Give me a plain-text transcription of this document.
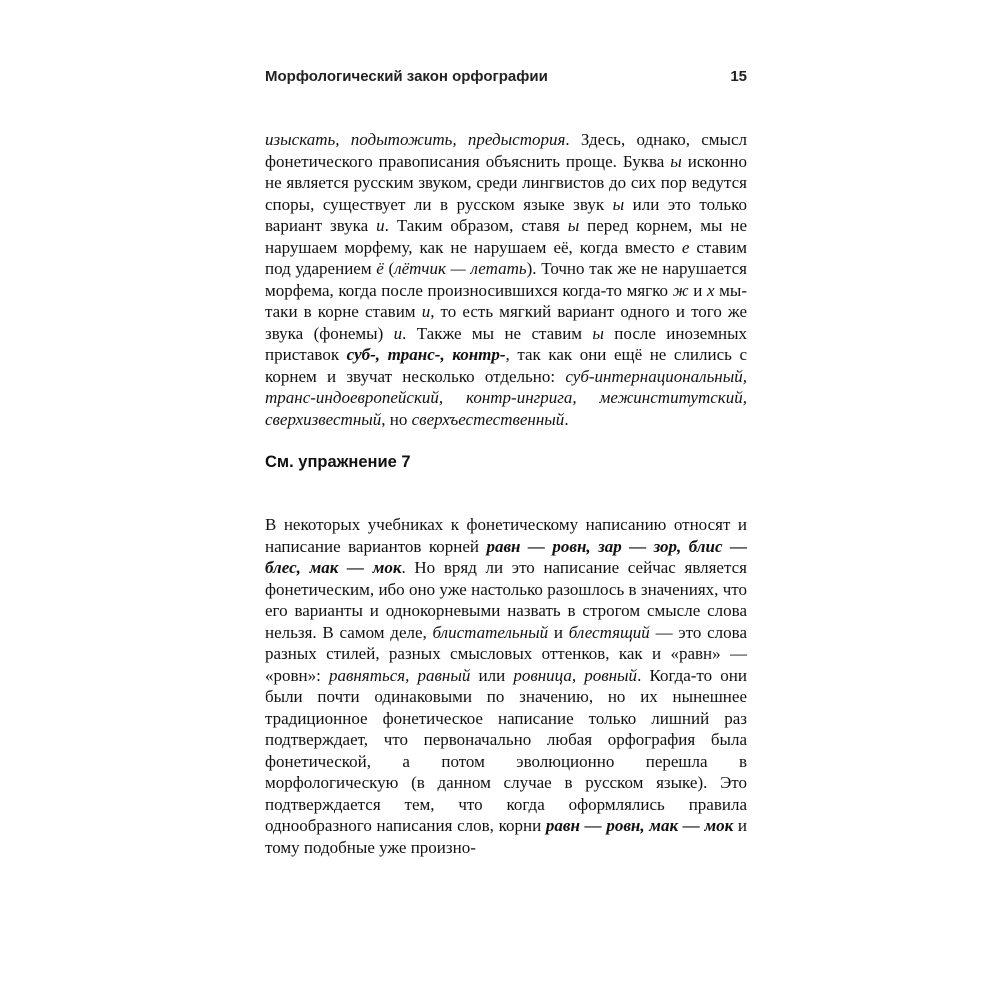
Морфологический закон орфографии	15

изыскать, подытожить, предыстория. Здесь, однако, смысл фонетического правописания объяснить проще. Буква ы исконно не является русским звуком, среди лингвистов до сих пор ведутся споры, существует ли в русском языке звук ы или это только вариант звука и. Таким образом, ставя ы перед корнем, мы не нарушаем морфему, как не нарушаем её, когда вместо е ставим под ударением ё (лётчик — летать). Точно так же не нарушается морфема, когда после произносившихся когда-то мягко ж и х мы-таки в корне ставим и, то есть мягкий вариант одного и того же звука (фонемы) и. Также мы не ставим ы после иноземных приставок суб-, транс-, контр-, так как они ещё не слились с корнем и звучат несколько отдельно: суб-интернациональный, транс-индоевропейский, контр-ингрига, межинститутский, сверхизвестный, но сверхъестественный.

См. упражнение 7

В некоторых учебниках к фонетическому написанию относят и написание вариантов корней равн — ровн, зар — зор, блис — блес, мак — мок. Но вряд ли это написание сейчас является фонетическим, ибо оно уже настолько разошлось в значениях, что его варианты и однокорневыми назвать в строгом смысле слова нельзя. В самом деле, блистательный и блестящий — это слова разных стилей, разных смысловых оттенков, как и «равн» — «ровн»: равняться, равный или ровница, ровный. Когда-то они были почти одинаковыми по значению, но их нынешнее традиционное фонетическое написание только лишний раз подтверждает, что первоначально любая орфография была фонетической, а потом эволюционно перешла в морфологическую (в данном случае в русском языке). Это подтверждается тем, что когда оформлялись правила однообразного написания слов, корни равн — ровн, мак — мок и тому подобные уже произно-
